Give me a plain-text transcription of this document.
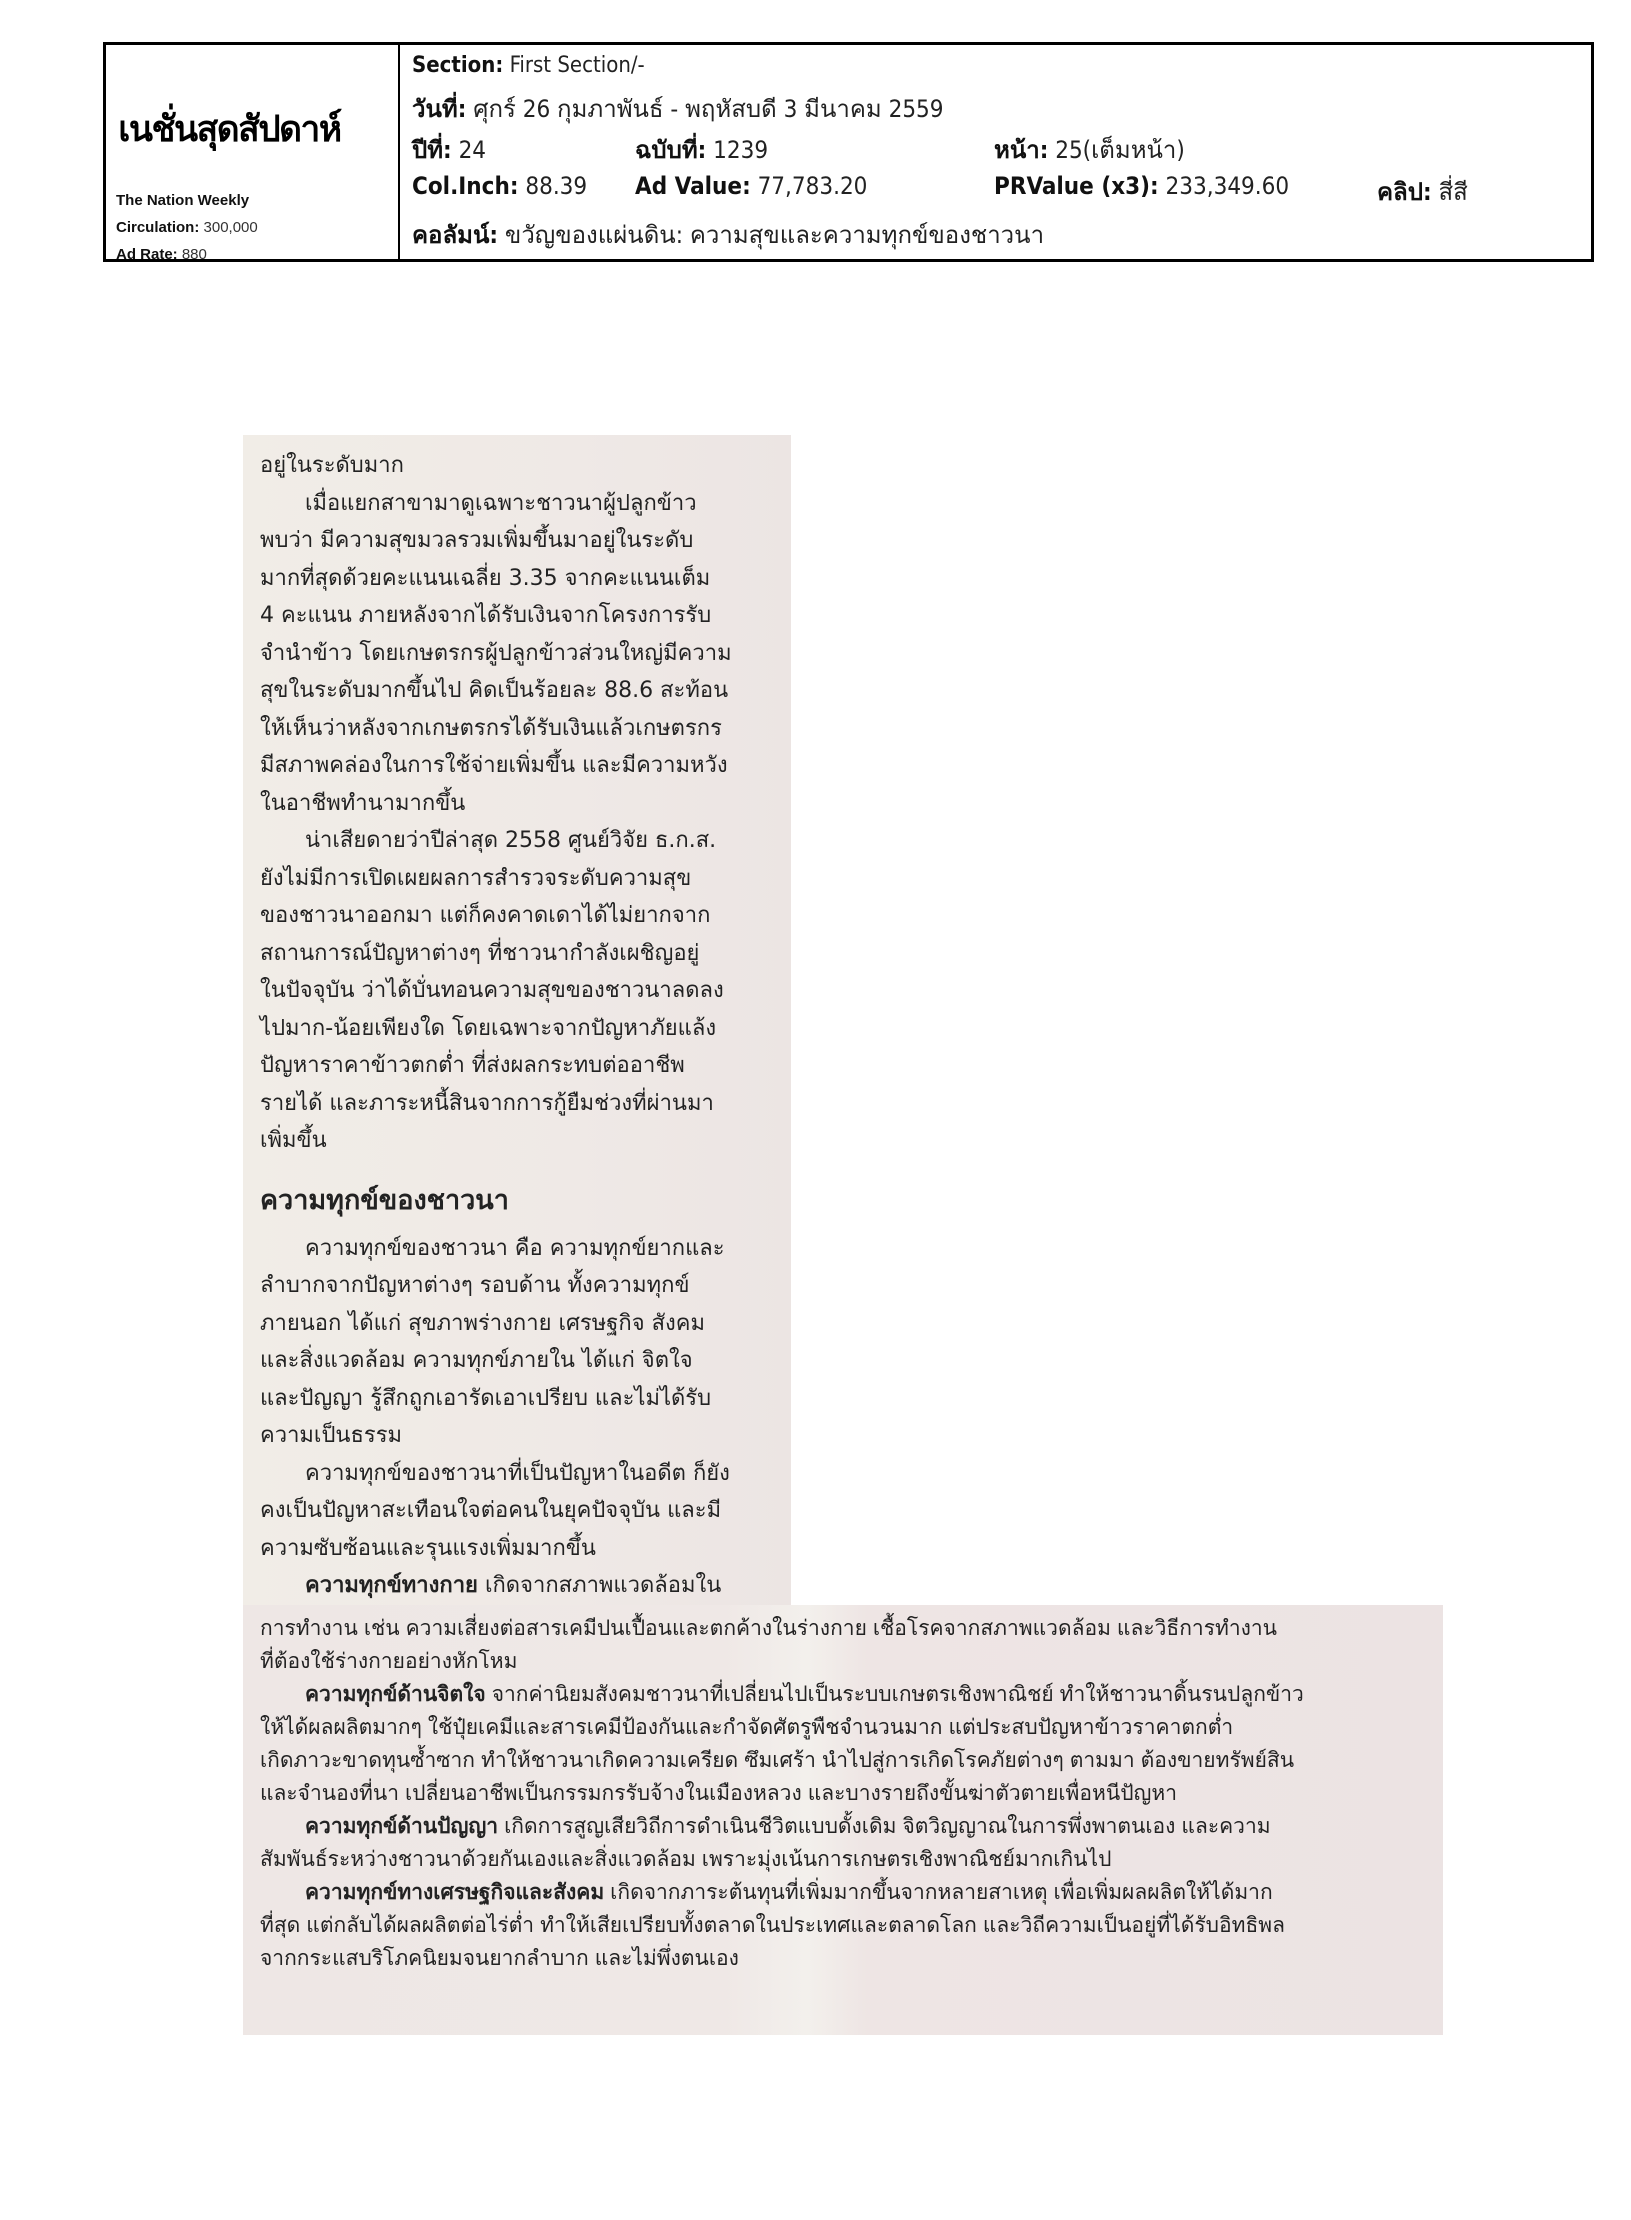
เนชั่นสุดสัปดาห์
The Nation Weekly
Circulation: 300,000
Ad Rate: 880
Section: First Section/-
วันที่: ศุกร์ 26 กุมภาพันธ์ - พฤหัสบดี 3 มีนาคม 2559
ปีที่: 24	ฉบับที่: 1239	หน้า: 25(เต็มหน้า)
Col.Inch: 88.39 Ad Value: 77,783.20	PRValue (x3): 233,349.60	คลิป: สี่สี
คอลัมน์: ขวัญของแผ่นดิน: ความสุขและความทุกข์ของชาวนา
อยู่ในระดับมาก
เมื่อแยกสาขามาดูเฉพาะชาวนาผู้ปลูกข้าว
พบว่า มีความสุขมวลรวมเพิ่มขึ้นมาอยู่ในระดับ
มากที่สุดด้วยคะแนนเฉลี่ย 3.35 จากคะแนนเต็ม
4 คะแนน ภายหลังจากได้รับเงินจากโครงการรับ
จำนำข้าว โดยเกษตรกรผู้ปลูกข้าวส่วนใหญ่มีความ
สุขในระดับมากขึ้นไป คิดเป็นร้อยละ 88.6 สะท้อน
ให้เห็นว่าหลังจากเกษตรกรได้รับเงินแล้วเกษตรกร
มีสภาพคล่องในการใช้จ่ายเพิ่มขึ้น และมีความหวัง
ในอาชีพทำนามากขึ้น
น่าเสียดายว่าปีล่าสุด 2558 ศูนย์วิจัย ธ.ก.ส.
ยังไม่มีการเปิดเผยผลการสำรวจระดับความสุข
ของชาวนาออกมา แต่ก็คงคาดเดาได้ไม่ยากจาก
สถานการณ์ปัญหาต่างๆ ที่ชาวนากำลังเผชิญอยู่
ในปัจจุบัน ว่าได้บั่นทอนความสุขของชาวนาลดลง
ไปมาก-น้อยเพียงใด โดยเฉพาะจากปัญหาภัยแล้ง
ปัญหาราคาข้าวตกต่ำ ที่ส่งผลกระทบต่ออาชีพ
รายได้ และภาระหนี้สินจากการกู้ยืมช่วงที่ผ่านมา
เพิ่มขึ้น
ความทุกข์ของชาวนา
ความทุกข์ของชาวนา คือ ความทุกข์ยากและ
ลำบากจากปัญหาต่างๆ รอบด้าน ทั้งความทุกข์
ภายนอก ได้แก่ สุขภาพร่างกาย เศรษฐกิจ สังคม
และสิ่งแวดล้อม ความทุกข์ภายใน ได้แก่ จิตใจ
และปัญญา รู้สึกถูกเอารัดเอาเปรียบ และไม่ได้รับ
ความเป็นธรรม
ความทุกข์ของชาวนาที่เป็นปัญหาในอดีต ก็ยัง
คงเป็นปัญหาสะเทือนใจต่อคนในยุคปัจจุบัน และมี
ความซับซ้อนและรุนแรงเพิ่มมากขึ้น
ความทุกข์ทางกาย เกิดจากสภาพแวดล้อมใน
การทำงาน เช่น ความเสี่ยงต่อสารเคมีปนเปื้อนและตกค้างในร่างกาย เชื้อโรคจากสภาพแวดล้อม และวิธีการทำงาน
ที่ต้องใช้ร่างกายอย่างหักโหม
ความทุกข์ด้านจิตใจ จากค่านิยมสังคมชาวนาที่เปลี่ยนไปเป็นระบบเกษตรเชิงพาณิชย์ ทำให้ชาวนาดิ้นรนปลูกข้าว
ให้ได้ผลผลิตมากๆ ใช้ปุ๋ยเคมีและสารเคมีป้องกันและกำจัดศัตรูพืชจำนวนมาก แต่ประสบปัญหาข้าวราคาตกต่ำ
เกิดภาวะขาดทุนซ้ำซาก ทำให้ชาวนาเกิดความเครียด ซึมเศร้า นำไปสู่การเกิดโรคภัยต่างๆ ตามมา ต้องขายทรัพย์สิน
และจำนองที่นา เปลี่ยนอาชีพเป็นกรรมกรรับจ้างในเมืองหลวง และบางรายถึงขั้นฆ่าตัวตายเพื่อหนีปัญหา
ความทุกข์ด้านปัญญา เกิดการสูญเสียวิถีการดำเนินชีวิตแบบดั้งเดิม จิตวิญญาณในการพึ่งพาตนเอง และความ
สัมพันธ์ระหว่างชาวนาด้วยกันเองและสิ่งแวดล้อม เพราะมุ่งเน้นการเกษตรเชิงพาณิชย์มากเกินไป
ความทุกข์ทางเศรษฐกิจและสังคม เกิดจากภาระต้นทุนที่เพิ่มมากขึ้นจากหลายสาเหตุ เพื่อเพิ่มผลผลิตให้ได้มาก
ที่สุด แต่กลับได้ผลผลิตต่อไร่ต่ำ ทำให้เสียเปรียบทั้งตลาดในประเทศและตลาดโลก และวิถีความเป็นอยู่ที่ได้รับอิทธิพล
จากกระแสบริโภคนิยมจนยากลำบาก และไม่พึ่งตนเอง
